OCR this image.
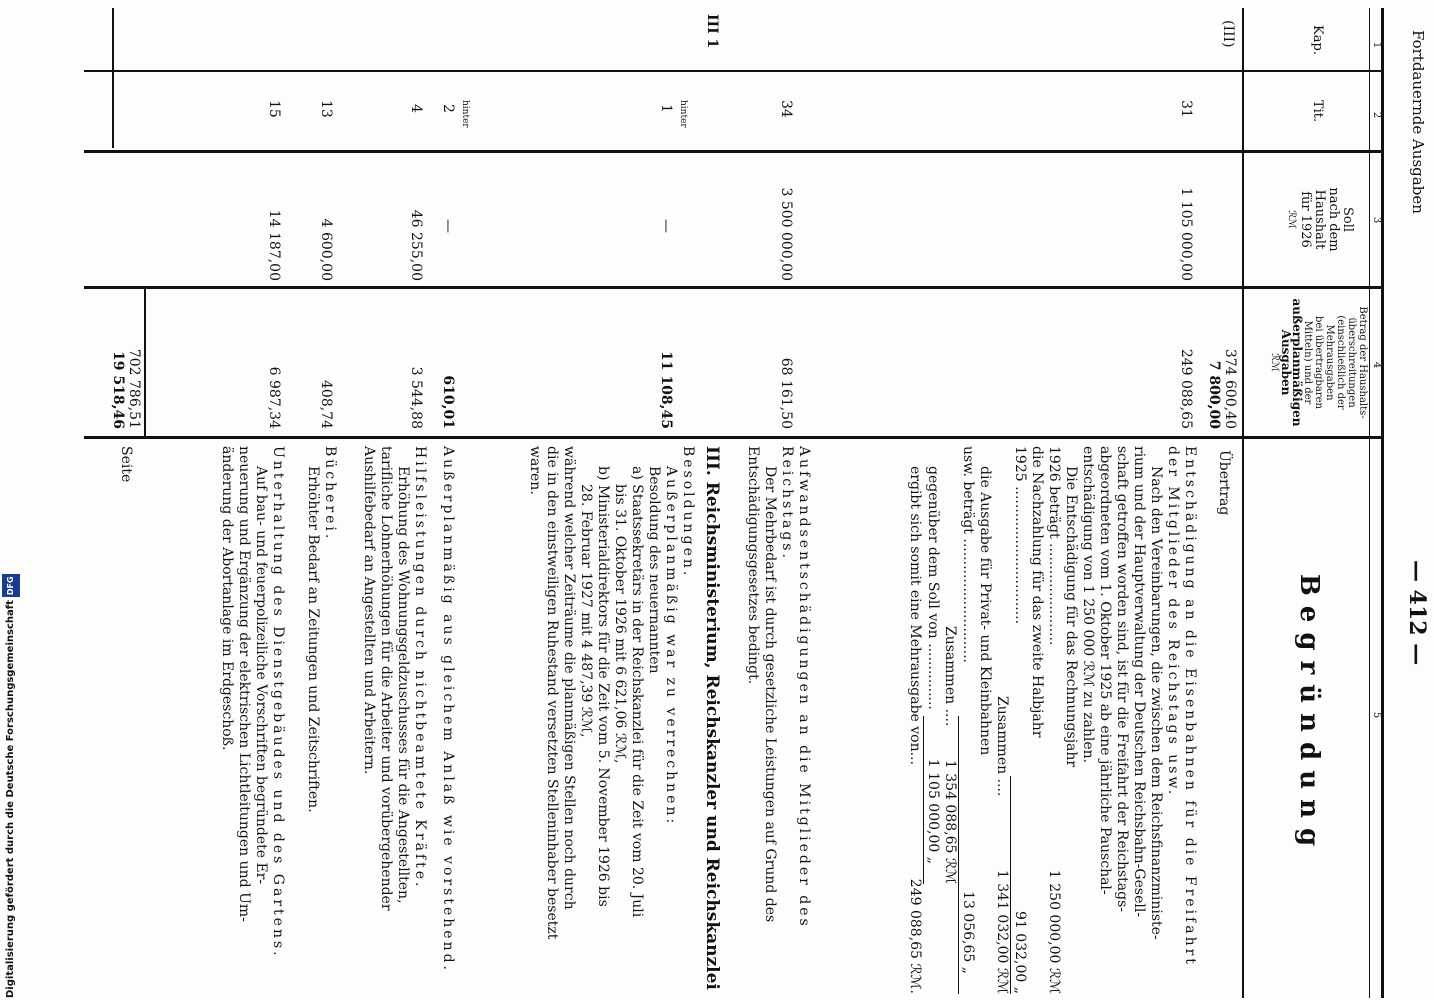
Fortdauernde Ausgaben
— 412 —
1
2
3
4
5
Kap.
Tit.
Soll
nach dem
Haushalt
für 1926
ℛℳ
Betrag der Haushalts-
überschreitungen
(einschließlich der
Mehrausgaben
bei übertragbaren
Mitteln) und der
außerplanmäßigen
Ausgaben
ℛℳ
Begründung
(III)
374 600,40
7 800,00
Übertrag
31
1 105 000,00
249 088,65
Entschädigung an die Eisenbahnen für die Freifahrt der Mitglieder des Reichstags usw.
Nach den Vereinbarungen, die zwischen dem Reichsfinanzministe-
rium und der Hauptverwaltung der Deutschen Reichsbahn-Gesell-
schaft getroffen worden sind, ist für die Freifahrt der Reichstags-
abgeordneten vom 1. Oktober 1925 ab eine jährliche Pauschal-
entschädigung von 1 250 000 ℛℳ zu zahlen.
Die Entschädigung für das Rechnungsjahr
1926 beträgt .......................
1 250 000,00 ℛℳ
die Nachzahlung für das zweite Halbjahr
1925 ...............................
91 032,00 „
Zusammen ....
1 341 032,00 ℛℳ
die Ausgabe für Privat- und Kleinbahnen
usw. beträgt ............................
13 056,65 „
Zusammen ....
1 354 088,65 ℛℳ
gegenüber dem Soll von ...............
1 105 000,00 „
ergibt sich somit eine Mehrausgabe von...
249 088,65 ℛℳ.
34
3 500 000,00
68 161,50
Aufwandsentschädigungen an die Mitglieder des Reichstags.
Der Mehrbedarf ist durch gesetzliche Leistungen auf Grund des
Entschädigungsgesetzes bedingt.
III 1
III. Reichsministerium, Reichskanzler und Reichskanzlei
hinter
1
—
11 108,45
Besoldungen.
Außerplanmäßig war zu verrechnen:
Besoldung des neuernannten
a) Staatssekretärs in der Reichskanzlei für die Zeit vom 20. Juli
bis 31. Oktober 1926 mit 6 621,06 ℛℳ,
b) Ministerialdirektors für die Zeit vom 5. November 1926 bis
28. Februar 1927 mit 4 487,39 ℛℳ,
während welcher Zeiträume die planmäßigen Stellen noch durch
die in den einstweiligen Ruhestand versetzten Stelleninhaber besetzt
waren.
hinter
2
—
610,01
Außerplanmäßig aus gleichem Anlaß wie vorstehend.
4
46 255,00
3 544,88
Hilfsleistungen durch nichtbeamtete Kräfte.
Erhöhung des Wohnungsgeldzuschusses für die Angestellten,
tarifliche Lohnerhöhungen für die Arbeiter und vorübergehender
Aushilfebedarf an Angestellten und Arbeitern.
13
4 600,00
408,74
Bücherei.
Erhöhter Bedarf an Zeitungen und Zeitschriften.
15
14 187,00
6 987,34
Unterhaltung des Dienstgebäudes und des Gartens.
Auf bau- und feuerpolizeiliche Vorschriften begründete Er-
neuerung und Ergänzung der elektrischen Lichtleitungen und Um-
änderung der Abortanlage im Erdgeschoß.
702 786,51
19 518,46
Seite
Digitalisierung gefördert durch die Deutsche ForschungsgemeinschaftDFG
